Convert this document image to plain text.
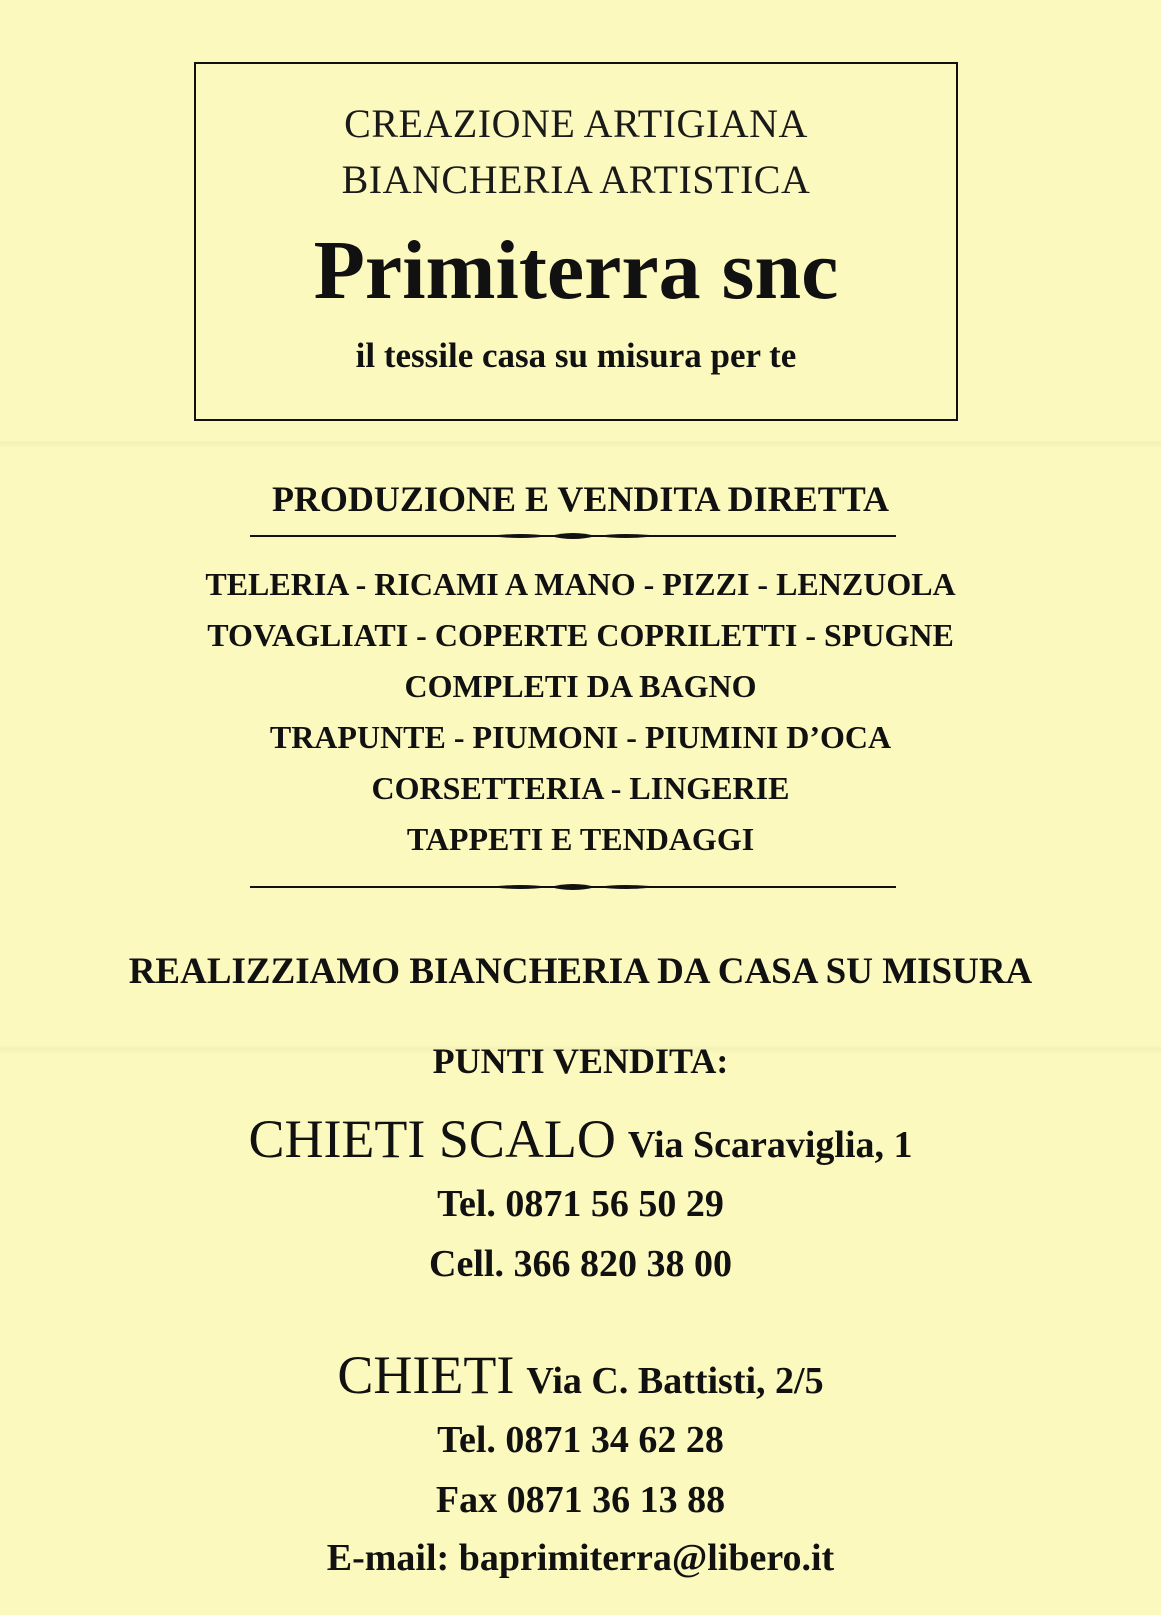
CREAZIONE ARTIGIANA
BIANCHERIA ARTISTICA
Primiterra snc
il tessile casa su misura per te
PRODUZIONE E VENDITA DIRETTA
TELERIA - RICAMI A MANO - PIZZI - LENZUOLA
TOVAGLIATI - COPERTE COPRILETTI - SPUGNE
COMPLETI DA BAGNO
TRAPUNTE - PIUMONI - PIUMINI D’OCA
CORSETTERIA - LINGERIE
TAPPETI E TENDAGGI
REALIZZIAMO BIANCHERIA DA CASA SU MISURA
PUNTI VENDITA:
CHIETI SCALO Via Scaraviglia, 1
Tel. 0871 56 50 29
Cell. 366 820 38 00
CHIETI Via C. Battisti, 2/5
Tel. 0871 34 62 28
Fax 0871 36 13 88
E-mail: baprimiterra@libero.it
